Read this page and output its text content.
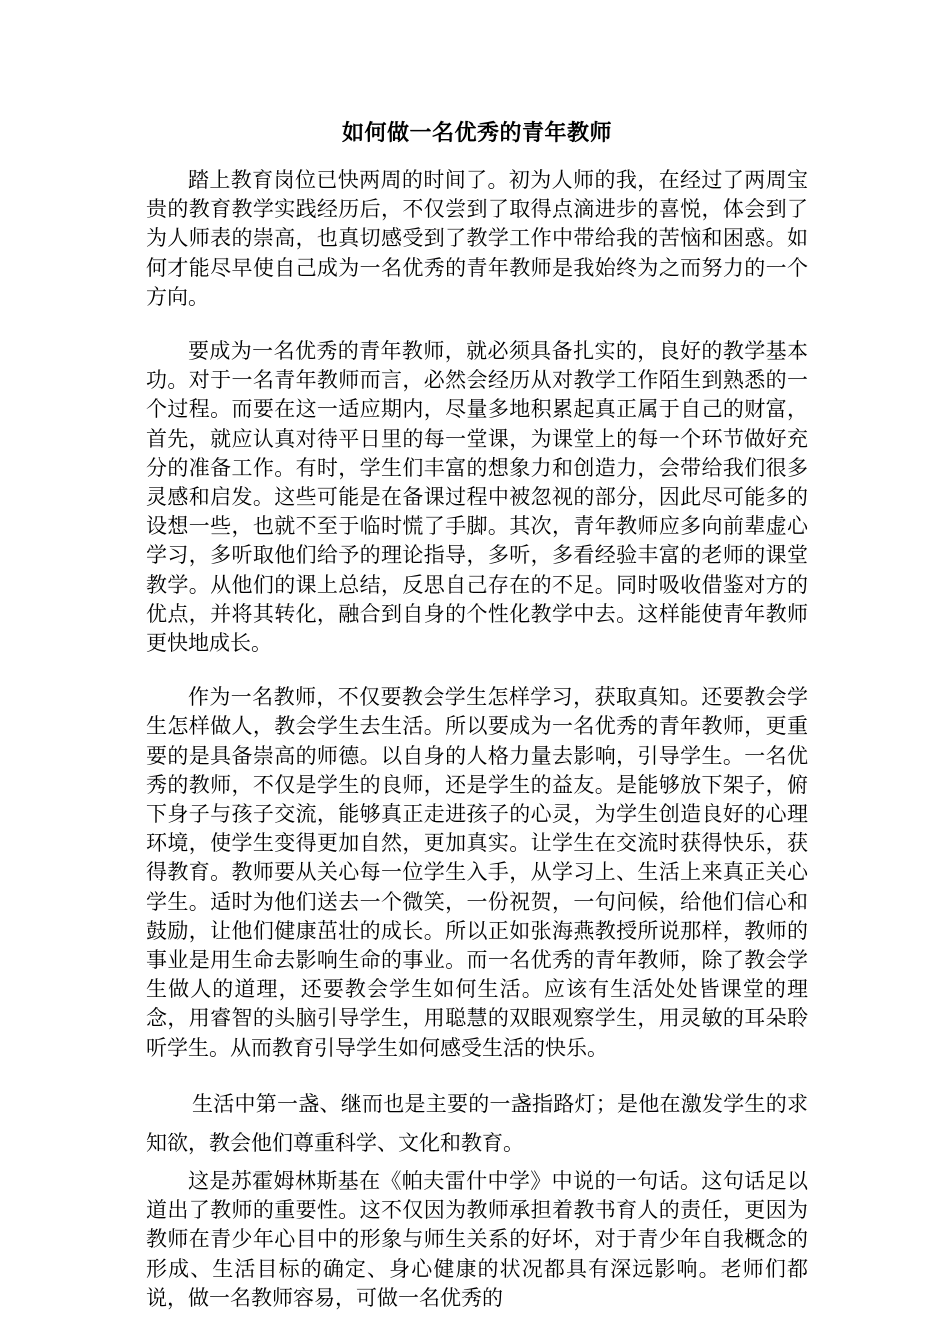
如何做一名优秀的青年教师

踏上教育岗位已快两周的时间了。初为人师的我，在经过了两周宝贵的教育教学实践经历后，不仅尝到了取得点滴进步的喜悦，体会到了为人师表的崇高，也真切感受到了教学工作中带给我的苦恼和困惑。如何才能尽早使自己成为一名优秀的青年教师是我始终为之而努力的一个方向。

要成为一名优秀的青年教师，就必须具备扎实的，良好的教学基本功。对于一名青年教师而言，必然会经历从对教学工作陌生到熟悉的一个过程。而要在这一适应期内，尽量多地积累起真正属于自己的财富，首先，就应认真对待平日里的每一堂课，为课堂上的每一个环节做好充分的准备工作。有时，学生们丰富的想象力和创造力，会带给我们很多灵感和启发。这些可能是在备课过程中被忽视的部分，因此尽可能多的设想一些，也就不至于临时慌了手脚。其次，青年教师应多向前辈虚心学习，多听取他们给予的理论指导，多听，多看经验丰富的老师的课堂教学。从他们的课上总结，反思自己存在的不足。同时吸收借鉴对方的优点，并将其转化，融合到自身的个性化教学中去。这样能使青年教师更快地成长。

作为一名教师，不仅要教会学生怎样学习，获取真知。还要教会学生怎样做人，教会学生去生活。所以要成为一名优秀的青年教师，更重要的是具备崇高的师德。以自身的人格力量去影响，引导学生。一名优秀的教师，不仅是学生的良师，还是学生的益友。是能够放下架子，俯下身子与孩子交流，能够真正走进孩子的心灵，为学生创造良好的心理环境，使学生变得更加自然，更加真实。让学生在交流时获得快乐，获得教育。教师要从关心每一位学生入手，从学习上、生活上来真正关心学生。适时为他们送去一个微笑，一份祝贺，一句问候，给他们信心和鼓励，让他们健康茁壮的成长。所以正如张海燕教授所说那样，教师的事业是用生命去影响生命的事业。而一名优秀的青年教师，除了教会学生做人的道理，还要教会学生如何生活。应该有生活处处皆课堂的理念，用睿智的头脑引导学生，用聪慧的双眼观察学生，用灵敏的耳朵聆听学生。从而教育引导学生如何感受生活的快乐。

生活中第一盏、继而也是主要的一盏指路灯；是他在激发学生的求知欲，教会他们尊重科学、文化和教育。

这是苏霍姆林斯基在《帕夫雷什中学》中说的一句话。这句话足以道出了教师的重要性。这不仅因为教师承担着教书育人的责任，更因为教师在青少年心目中的形象与师生关系的好坏，对于青少年自我概念的形成、生活目标的确定、身心健康的状况都具有深远影响。老师们都说，做一名教师容易，可做一名优秀的
